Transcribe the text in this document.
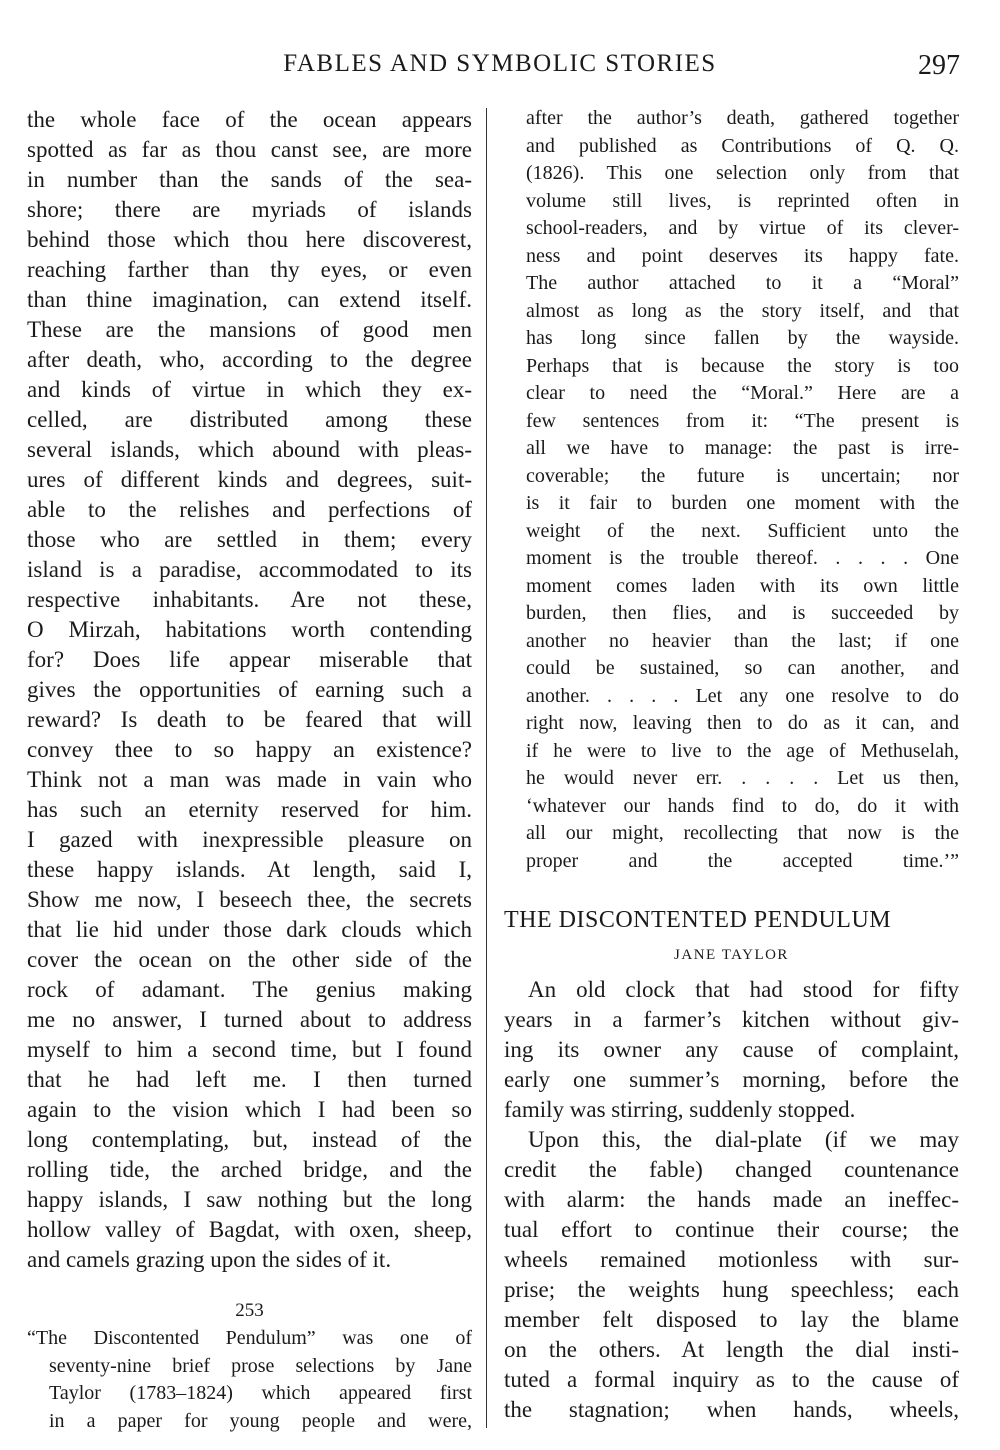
FABLES AND SYMBOLIC STORIES	297
the whole face of the ocean appears
spotted as far as thou canst see, are more
in number than the sands of the sea-
shore; there are myriads of islands
behind those which thou here discoverest,
reaching farther than thy eyes, or even
than thine imagination, can extend itself.
These are the mansions of good men
after death, who, according to the degree
and kinds of virtue in which they ex-
celled, are distributed among these
several islands, which abound with pleas-
ures of different kinds and degrees, suit-
able to the relishes and perfections of
those who are settled in them; every
island is a paradise, accommodated to its
respective inhabitants. Are not these,
O Mirzah, habitations worth contending
for? Does life appear miserable that
gives the opportunities of earning such a
reward? Is death to be feared that will
convey thee to so happy an existence?
Think not a man was made in vain who
has such an eternity reserved for him.
I gazed with inexpressible pleasure on
these happy islands. At length, said I,
Show me now, I beseech thee, the secrets
that lie hid under those dark clouds which
cover the ocean on the other side of the
rock of adamant. The genius making
me no answer, I turned about to address
myself to him a second time, but I found
that he had left me. I then turned
again to the vision which I had been so
long contemplating, but, instead of the
rolling tide, the arched bridge, and the
happy islands, I saw nothing but the long
hollow valley of Bagdat, with oxen, sheep,
and camels grazing upon the sides of it.
253
“The Discontented Pendulum” was one of
seventy-nine brief prose selections by Jane
Taylor (1783–1824) which appeared first
in a paper for young people and were,
after the author’s death, gathered together
and published as Contributions of Q. Q.
(1826). This one selection only from that
volume still lives, is reprinted often in
school-readers, and by virtue of its clever-
ness and point deserves its happy fate.
The author attached to it a “Moral”
almost as long as the story itself, and that
has long since fallen by the wayside.
Perhaps that is because the story is too
clear to need the “Moral.” Here are a
few sentences from it: “The present is
all we have to manage: the past is irre-
coverable; the future is uncertain; nor
is it fair to burden one moment with the
weight of the next. Sufficient unto the
moment is the trouble thereof. . . . . One
moment comes laden with its own little
burden, then flies, and is succeeded by
another no heavier than the last; if one
could be sustained, so can another, and
another. . . . . Let any one resolve to do
right now, leaving then to do as it can, and
if he were to live to the age of Methuselah,
he would never err. . . . . Let us then,
‘whatever our hands find to do, do it with
all our might, recollecting that now is the
proper and the accepted time.’”
THE DISCONTENTED PENDULUM
JANE TAYLOR
An old clock that had stood for fifty
years in a farmer’s kitchen without giv-
ing its owner any cause of complaint,
early one summer’s morning, before the
family was stirring, suddenly stopped.
Upon this, the dial-plate (if we may
credit the fable) changed countenance
with alarm: the hands made an ineffec-
tual effort to continue their course; the
wheels remained motionless with sur-
prise; the weights hung speechless; each
member felt disposed to lay the blame
on the others. At length the dial insti-
tuted a formal inquiry as to the cause of
the stagnation; when hands, wheels,
